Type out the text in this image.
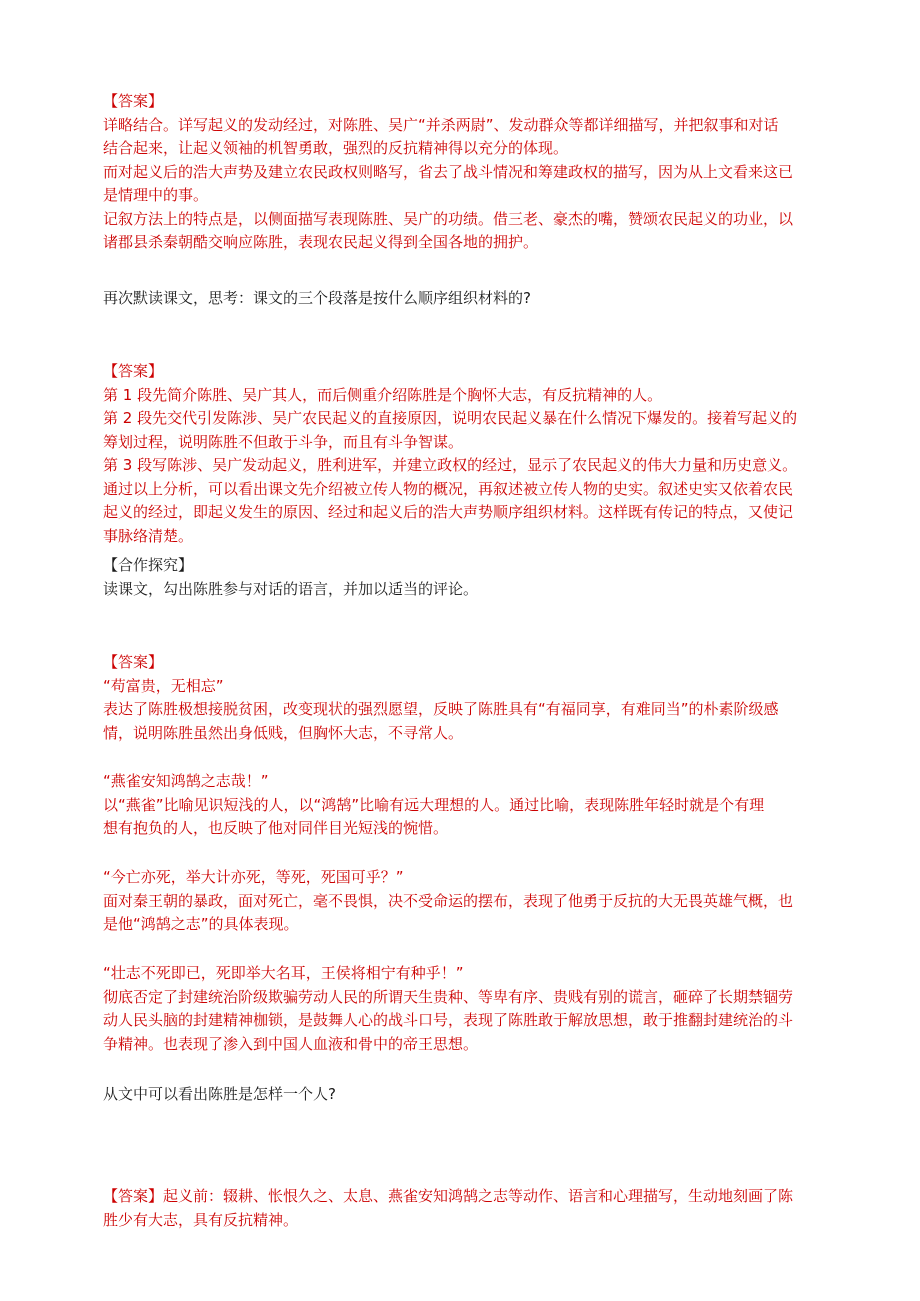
【答案】
详略结合。详写起义的发动经过，对陈胜、吴广“并杀两尉”、发动群众等都详细描写，并把叙事和对话
结合起来，让起义领袖的机智勇敢，强烈的反抗精神得以充分的体现。
而对起义后的浩大声势及建立农民政权则略写，省去了战斗情况和筹建政权的描写，因为从上文看来这已
是情理中的事。
记叙方法上的特点是，以侧面描写表现陈胜、吴广的功绩。借三老、豪杰的嘴，赞颂农民起义的功业，以
诸郡县杀秦朝酷交响应陈胜，表现农民起义得到全国各地的拥护。
再次默读课文，思考：课文的三个段落是按什么顺序组织材料的?
【答案】
第 1 段先简介陈胜、吴广其人，而后侧重介绍陈胜是个胸怀大志，有反抗精神的人。
第 2 段先交代引发陈涉、吴广农民起义的直接原因，说明农民起义暴在什么情况下爆发的。接着写起义的
筹划过程，说明陈胜不但敢于斗争，而且有斗争智谋。
第 3 段写陈涉、吴广发动起义，胜利进军，并建立政权的经过，显示了农民起义的伟大力量和历史意义。
通过以上分析，可以看出课文先介绍被立传人物的概况，再叙述被立传人物的史实。叙述史实又依着农民
起义的经过，即起义发生的原因、经过和起义后的浩大声势顺序组织材料。这样既有传记的特点，又使记
事脉络清楚。
【合作探究】
读课文，勾出陈胜参与对话的语言，并加以适当的评论。
【答案】
“苟富贵，无相忘”
表达了陈胜极想接脱贫困，改变现状的强烈愿望，反映了陈胜具有“有福同享，有难同当”的朴素阶级感
情，说明陈胜虽然出身低贱，但胸怀大志，不寻常人。
“燕雀安知鸿鹄之志哉！”
以“燕雀”比喻见识短浅的人，以“鸿鹄”比喻有远大理想的人。通过比喻，表现陈胜年轻时就是个有理
想有抱负的人，也反映了他对同伴目光短浅的惋惜。
“今亡亦死，举大计亦死，等死，死国可乎？”
面对秦王朝的暴政，面对死亡，毫不畏惧，决不受命运的摆布，表现了他勇于反抗的大无畏英雄气概，也
是他“鸿鹄之志”的具体表现。
“壮志不死即已，死即举大名耳，王侯将相宁有种乎！”
彻底否定了封建统治阶级欺骗劳动人民的所谓天生贵种、等卑有序、贵贱有别的谎言，砸碎了长期禁锢劳
动人民头脑的封建精神枷锁，是鼓舞人心的战斗口号，表现了陈胜敢于解放思想，敢于推翻封建统治的斗
争精神。也表现了渗入到中国人血液和骨中的帝王思想。
从文中可以看出陈胜是怎样一个人?
【答案】起义前：辍耕、怅恨久之、太息、燕雀安知鸿鹄之志等动作、语言和心理描写，生动地刻画了陈
胜少有大志，具有反抗精神。
